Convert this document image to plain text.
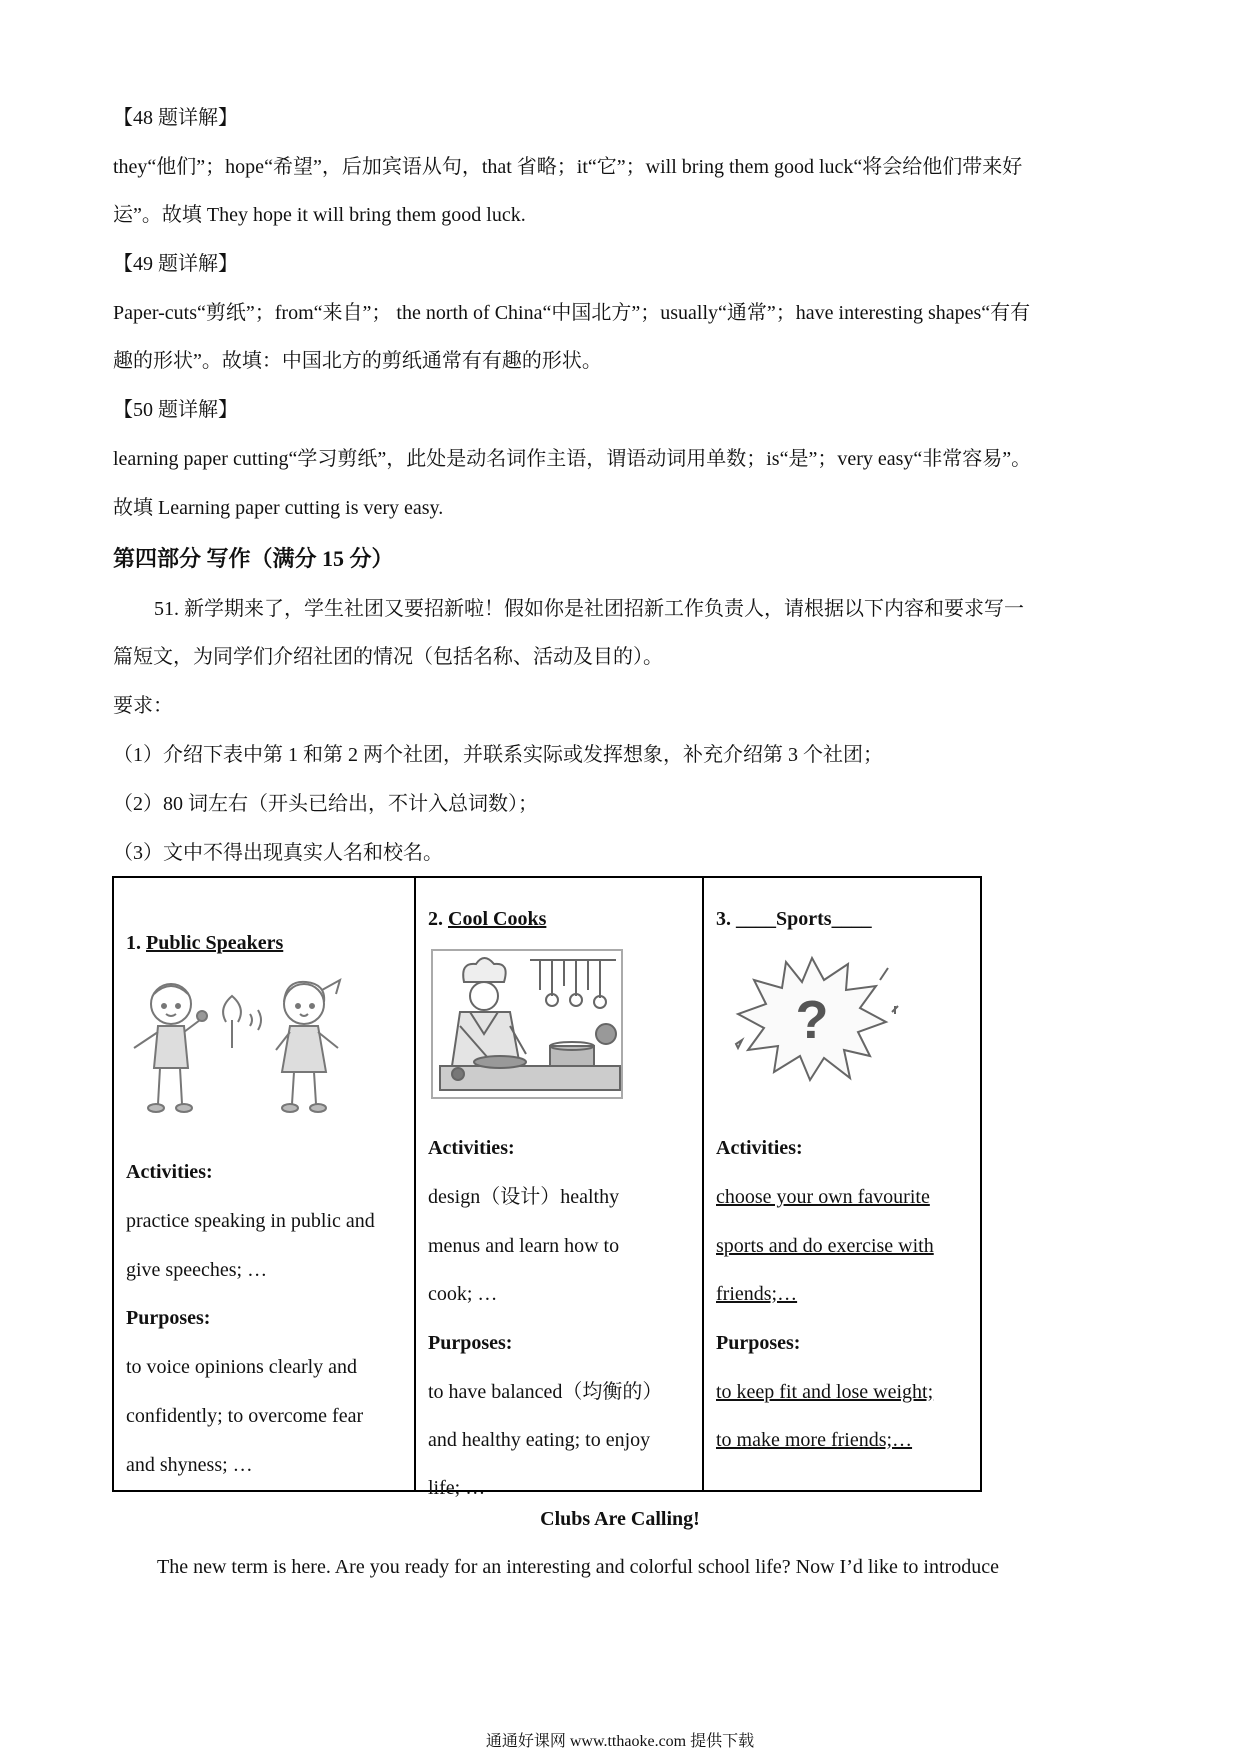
【48 题详解】
they“他们”；hope“希望”，后加宾语从句，that 省略；it“它”；will bring them good luck“将会给他们带来好
运”。故填 They hope it will bring them good luck.
【49 题详解】
Paper-cuts“剪纸”；from“来自”； the north of China“中国北方”；usually“通常”；have interesting shapes“有有
趣的形状”。故填：中国北方的剪纸通常有有趣的形状。
【50 题详解】
learning paper cutting“学习剪纸”，此处是动名词作主语，谓语动词用单数；is“是”；very easy“非常容易”。
故填 Learning paper cutting is very easy.
第四部分 写作（满分 15 分）
51. 新学期来了，学生社团又要招新啦！假如你是社团招新工作负责人，请根据以下内容和要求写一
篇短文，为同学们介绍社团的情况（包括名称、活动及目的）。
要求：
（1）介绍下表中第 1 和第 2 两个社团，并联系实际或发挥想象，补充介绍第 3 个社团；
（2）80 词左右（开头已给出，不计入总词数）；
（3）文中不得出现真实人名和校名。
1. Public Speakers
Activities:
practice speaking in public and
give speeches; …
Purposes:
to voice opinions clearly and
confidently; to overcome fear
and shyness; …
2. Cool Cooks
Activities:
design（设计）healthy
menus and learn how to
cook; …
Purposes:
to have balanced（均衡的）
and healthy eating; to enjoy
life; …
3. ____Sports____
?
Activities:
choose your own favourite
sports and do exercise with
friends;…
Purposes:
to keep fit and lose weight;
to make more friends;…
Clubs Are Calling!
The new term is here. Are you ready for an interesting and colorful school life? Now I’d like to introduce
通通好课网 www.tthaoke.com 提供下载
